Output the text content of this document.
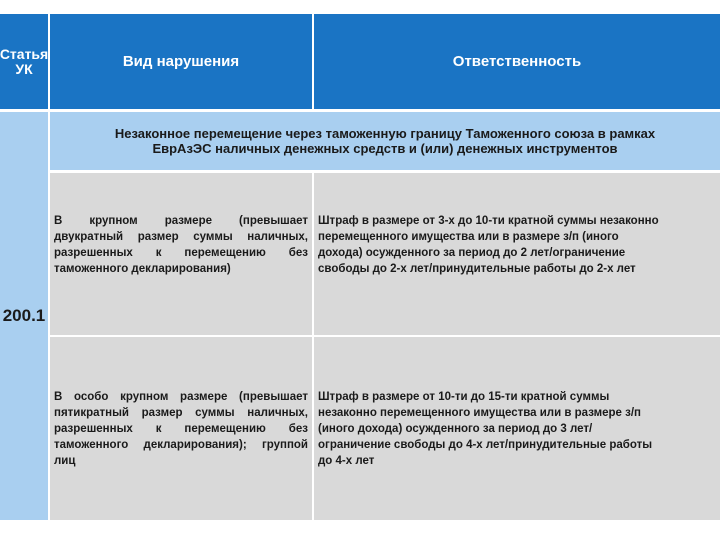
Статья
УК	Вид нарушения	Ответственность
200.1
Незаконное перемещение через таможенную границу Таможенного союза в рамках ЕврАзЭС наличных денежных средств и (или) денежных инструментов
В крупном размере (превышает двукратный размер суммы наличных, разрешенных к перемещению без таможенного декларирования)
Штраф в размере от 3-х до 10-ти кратной суммы незаконно перемещенного имущества или в размере з/п (иного дохода) осужденного за период до 2 лет/ограничение свободы до 2-х лет/принудительные работы до 2-х лет
В особо крупном размере (превышает пятикратный размер суммы наличных, разрешенных к перемещению без таможенного декларирования); группой лиц
Штраф в размере от 10-ти до 15-ти кратной суммы незаконно перемещенного имущества или в размере з/п (иного дохода) осужденного за период до 3 лет/ограничение свободы до 4-х лет/принудительные работы до 4-х лет
